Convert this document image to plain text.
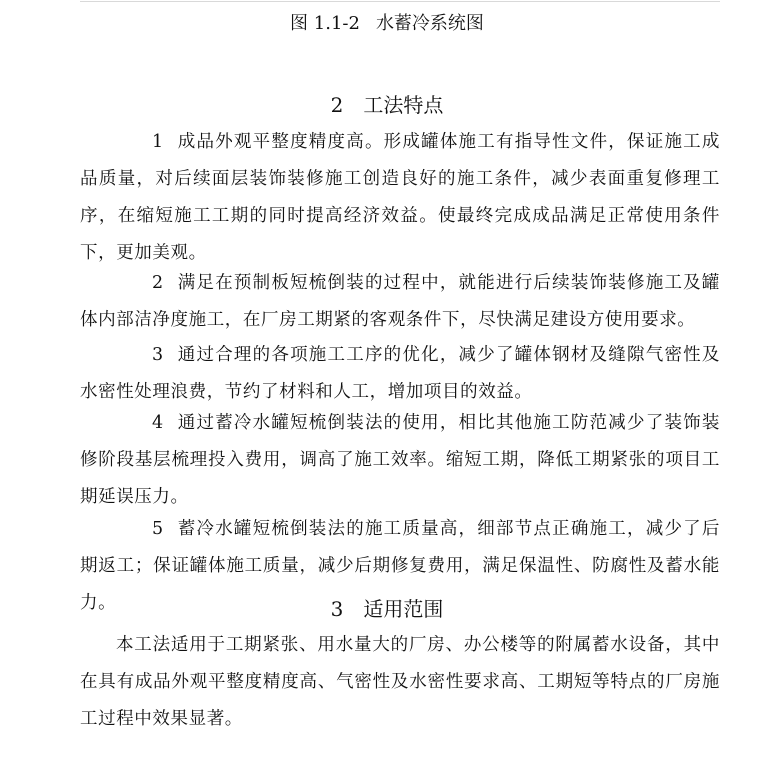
图 1.1-2 水蓄冷系统图
2 工法特点

1 成品外观平整度精度高。形成罐体施工有指导性文件，保证施工成品质量，对后续面层装饰装修施工创造良好的施工条件，减少表面重复修理工序，在缩短施工工期的同时提高经济效益。使最终完成成品满足正常使用条件下，更加美观。

2 满足在预制板短梳倒装的过程中，就能进行后续装饰装修施工及罐体内部洁净度施工，在厂房工期紧的客观条件下，尽快满足建设方使用要求。

3 通过合理的各项施工工序的优化，减少了罐体钢材及缝隙气密性及水密性处理浪费，节约了材料和人工，增加项目的效益。

4 通过蓄冷水罐短梳倒装法的使用，相比其他施工防范减少了装饰装修阶段基层梳理投入费用，调高了施工效率。缩短工期，降低工期紧张的项目工期延误压力。

5 蓄冷水罐短梳倒装法的施工质量高，细部节点正确施工，减少了后期返工；保证罐体施工质量，减少后期修复费用，满足保温性、防腐性及蓄水能力。	3 适用范围

本工法适用于工期紧张、用水量大的厂房、办公楼等的附属蓄水设备，其中在具有成品外观平整度精度高、气密性及水密性要求高、工期短等特点的厂房施工过程中效果显著。
